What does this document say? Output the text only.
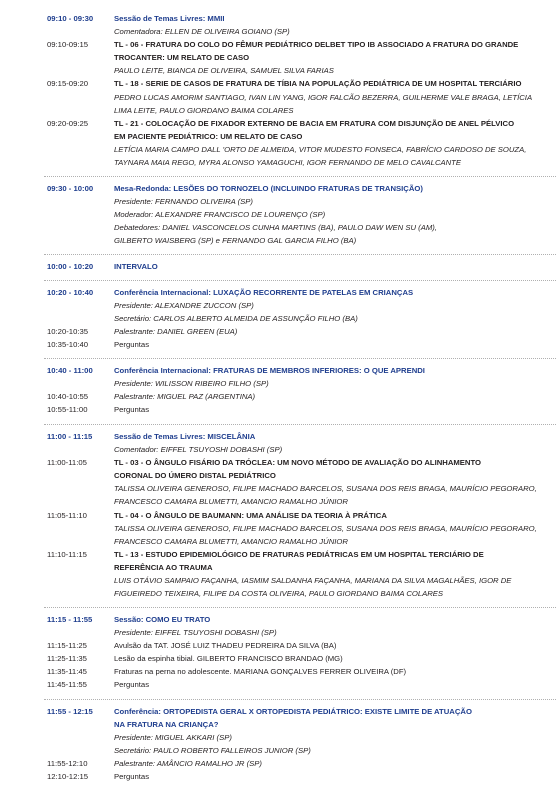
09:10 - 09:30	Sessão de Temas Livres: MMII
Comentadora: ELLEN DE OLIVEIRA GOIANO (SP)
09:10-09:15	TL - 06 - FRATURA DO COLO DO FÊMUR PEDIÁTRICO DELBET TIPO IB ASSOCIADO A FRATURA DO GRANDE
TROCANTER: UM RELATO DE CASO
PAULO LEITE, BIANCA DE OLIVEIRA, SAMUEL SILVA FARIAS
09:15-09:20	TL - 18 - SERIE DE CASOS DE FRATURA DE TÍBIA NA POPULAÇÃO PEDIÁTRICA DE UM HOSPITAL TERCIÁRIO
PEDRO LUCAS AMORIM SANTIAGO, IVAN LIN YANG, IGOR FALCÃO BEZERRA, GUILHERME VALE BRAGA, LETÍCIA
LIMA LEITE, PAULO GIORDANO BAIMA COLARES
09:20-09:25	TL - 21 - COLOCAÇÃO DE FIXADOR EXTERNO DE BACIA EM FRATURA COM DISJUNÇÃO DE ANEL PÉLVICO
EM PACIENTE PEDIÁTRICO: UM RELATO DE CASO
LETÍCIA MARIA CAMPO DALL 'ORTO DE ALMEIDA, VITOR MUDESTO FONSECA, FABRÍCIO CARDOSO DE SOUZA,
TAYNARA MAIA REGO, MYRA ALONSO YAMAGUCHI, IGOR FERNANDO DE MELO CAVALCANTE
09:30 - 10:00	Mesa-Redonda: LESÕES DO TORNOZELO (INCLUINDO FRATURAS DE TRANSIÇÃO)
Presidente: FERNANDO OLIVEIRA (SP)
Moderador: ALEXANDRE FRANCISCO DE LOURENÇO (SP)
Debatedores: DANIEL VASCONCELOS CUNHA MARTINS (BA), PAULO DAW WEN SU (AM),
GILBERTO WAISBERG (SP) e FERNANDO GAL GARCIA FILHO (BA)
10:00 - 10:20	INTERVALO
10:20 - 10:40	Conferência Internacional: LUXAÇÃO RECORRENTE DE PATELAS EM CRIANÇAS
Presidente: ALEXANDRE ZUCCON (SP)
Secretário: CARLOS ALBERTO ALMEIDA DE ASSUNÇÃO FILHO (BA)
10:20-10:35	Palestrante: DANIEL GREEN (EUA)
10:35-10:40	Perguntas
10:40 - 11:00	Conferência Internacional: FRATURAS DE MEMBROS INFERIORES: O QUE APRENDI
Presidente: WILISSON RIBEIRO FILHO (SP)
10:40-10:55	Palestrante: MIGUEL PAZ (ARGENTINA)
10:55-11:00	Perguntas
11:00 - 11:15	Sessão de Temas Livres: MISCELÂNIA
Comentador: EIFFEL TSUYOSHI DOBASHI (SP)
11:00-11:05	TL - 03 - O ÂNGULO FISÁRIO DA TRÓCLEA: UM NOVO MÉTODO DE AVALIAÇÃO DO ALINHAMENTO
CORONAL DO ÚMERO DISTAL PEDIÁTRICO
TALISSA OLIVEIRA GENEROSO, FILIPE MACHADO BARCELOS, SUSANA DOS REIS BRAGA, MAURÍCIO PEGORARO,
FRANCESCO CAMARA BLUMETTI, AMANCIO RAMALHO JÚNIOR
11:05-11:10	TL - 04 - O ÂNGULO DE BAUMANN: UMA ANÁLISE DA TEORIA À PRÁTICA
TALISSA OLIVEIRA GENEROSO, FILIPE MACHADO BARCELOS, SUSANA DOS REIS BRAGA, MAURÍCIO PEGORARO,
FRANCESCO CAMARA BLUMETTI, AMANCIO RAMALHO JÚNIOR
11:10-11:15	TL - 13 - ESTUDO EPIDEMIOLÓGICO DE FRATURAS PEDIÁTRICAS EM UM HOSPITAL TERCIÁRIO DE
REFERÊNCIA AO TRAUMA
LUIS OTÁVIO SAMPAIO FAÇANHA, IASMIM SALDANHA FAÇANHA, MARIANA DA SILVA MAGALHÃES, IGOR DE
FIGUEIREDO TEIXEIRA, FILIPE DA COSTA OLIVEIRA, PAULO GIORDANO BAIMA COLARES
11:15 - 11:55	Sessão: COMO EU TRATO
Presidente: EIFFEL TSUYOSHI DOBASHI (SP)
11:15-11:25	Avulsão da TAT. JOSÉ LUIZ THADEU PEDREIRA DA SILVA (BA)
11:25-11:35	Lesão da espinha tibial. GILBERTO FRANCISCO BRANDAO (MG)
11:35-11:45	Fraturas na perna no adolescente. MARIANA GONÇALVES FERRER OLIVEIRA (DF)
11:45-11:55	Perguntas
11:55 - 12:15	Conferência: ORTOPEDISTA GERAL X ORTOPEDISTA PEDIÁTRICO: EXISTE LIMITE DE ATUAÇÃO
NA FRATURA NA CRIANÇA?
Presidente: MIGUEL AKKARI (SP)
Secretário: PAULO ROBERTO FALLEIROS JUNIOR (SP)
11:55-12:10	Palestrante: AMÂNCIO RAMALHO JR (SP)
12:10-12:15	Perguntas
